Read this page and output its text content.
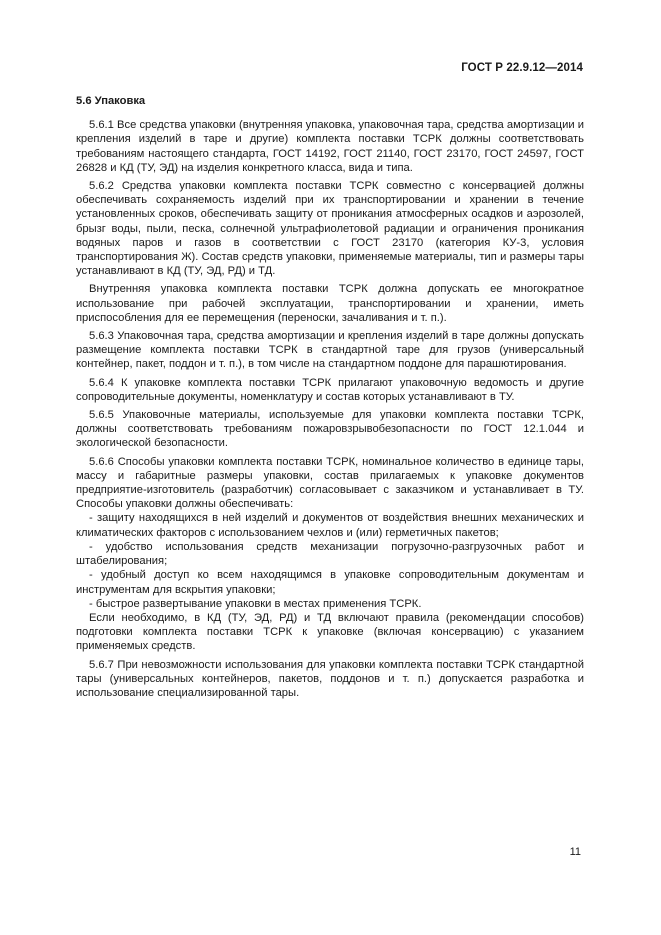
ГОСТ Р 22.9.12—2014

5.6 Упаковка

5.6.1 Все средства упаковки (внутренняя упаковка, упаковочная тара, средства амортизации и крепления изделий в таре и другие) комплекта поставки ТСРК должны соответствовать требованиям настоящего стандарта, ГОСТ 14192, ГОСТ 21140, ГОСТ 23170, ГОСТ 24597, ГОСТ 26828 и КД (ТУ, ЭД) на изделия конкретного класса, вида и типа.

5.6.2 Средства упаковки комплекта поставки ТСРК совместно с консервацией должны обеспечивать сохраняемость изделий при их транспортировании и хранении в течение установленных сроков, обеспечивать защиту от проникания атмосферных осадков и аэрозолей, брызг воды, пыли, песка, солнечной ультрафиолетовой радиации и ограничения проникания водяных паров и газов в соответствии с ГОСТ 23170 (категория КУ-3, условия транспортирования Ж). Состав средств упаковки, применяемые материалы, тип и размеры тары устанавливают в КД (ТУ, ЭД, РД) и ТД.

Внутренняя упаковка комплекта поставки ТСРК должна допускать ее многократное использование при рабочей эксплуатации, транспортировании и хранении, иметь приспособления для ее перемещения (переноски, зачаливания и т. п.).

5.6.3 Упаковочная тара, средства амортизации и крепления изделий в таре должны допускать размещение комплекта поставки ТСРК в стандартной таре для грузов (универсальный контейнер, пакет, поддон и т. п.), в том числе на стандартном поддоне для парашютирования.

5.6.4 К упаковке комплекта поставки ТСРК прилагают упаковочную ведомость и другие сопроводительные документы, номенклатуру и состав которых устанавливают в ТУ.

5.6.5 Упаковочные материалы, используемые для упаковки комплекта поставки ТСРК, должны соответствовать требованиям пожаровзрывобезопасности по ГОСТ 12.1.044 и экологической безопасности.

5.6.6 Способы упаковки комплекта поставки ТСРК, номинальное количество в единице тары, массу и габаритные размеры упаковки, состав прилагаемых к упаковке документов предприятие-изготовитель (разработчик) согласовывает с заказчиком и устанавливает в ТУ. Способы упаковки должны обеспечивать:

- защиту находящихся в ней изделий и документов от воздействия внешних механических и климатических факторов с использованием чехлов и (или) герметичных пакетов;

- удобство использования средств механизации погрузочно-разгрузочных работ и штабелирования;

- удобный доступ ко всем находящимся в упаковке сопроводительным документам и инструментам для вскрытия упаковки;

- быстрое развертывание упаковки в местах применения ТСРК.

Если необходимо, в КД (ТУ, ЭД, РД) и ТД включают правила (рекомендации способов) подготовки комплекта поставки ТСРК к упаковке (включая консервацию) с указанием применяемых средств.

5.6.7 При невозможности использования для упаковки комплекта поставки ТСРК стандартной тары (универсальных контейнеров, пакетов, поддонов и т. п.) допускается разработка и использование специализированной тары.

11
